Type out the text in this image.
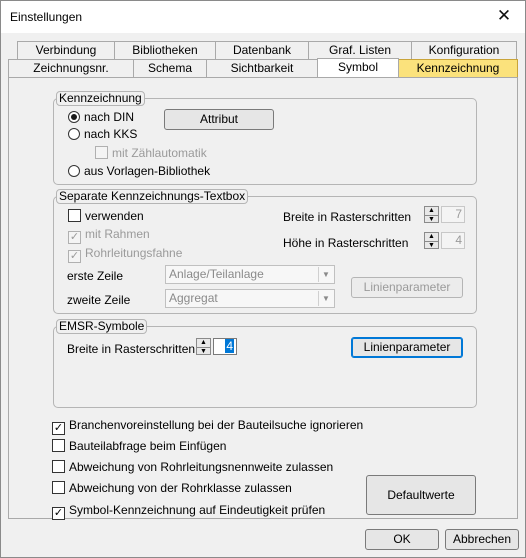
Einstellungen	✕
Verbindung	Bibliotheken	Datenbank	Graf. Listen	Konfiguration
Zeichnungsnr.	Schema	Sichtbarkeit	Symbol	Kennzeichnung
Kennzeichnung
nach DIN
nach KKS
mit Zählautomatik
aus Vorlagen-Bibliothek
Attribut
Separate Kennzeichnungs-Textbox
verwenden
✓ mit Rahmen
✓ Rohrleitungsfahne
Breite in Rasterschritten	▲
▼	7
Höhe in Rasterschritten	▲
▼	4
erste Zeile	Anlage/Teilanlage	▼
zweite Zeile	Aggregat	▼
Linienparameter
EMSR-Symbole
Breite in Rasterschritten ▲
▼	4	Linienparameter
✓ Branchenvoreinstellung bei der Bauteilsuche ignorieren
Bauteilabfrage beim Einfügen
Abweichung von Rohrleitungsnennweite zulassen
Abweichung von der Rohrklasse zulassen
✓ Symbol-Kennzeichnung auf Eindeutigkeit prüfen
Defaultwerte
OK	Abbrechen
